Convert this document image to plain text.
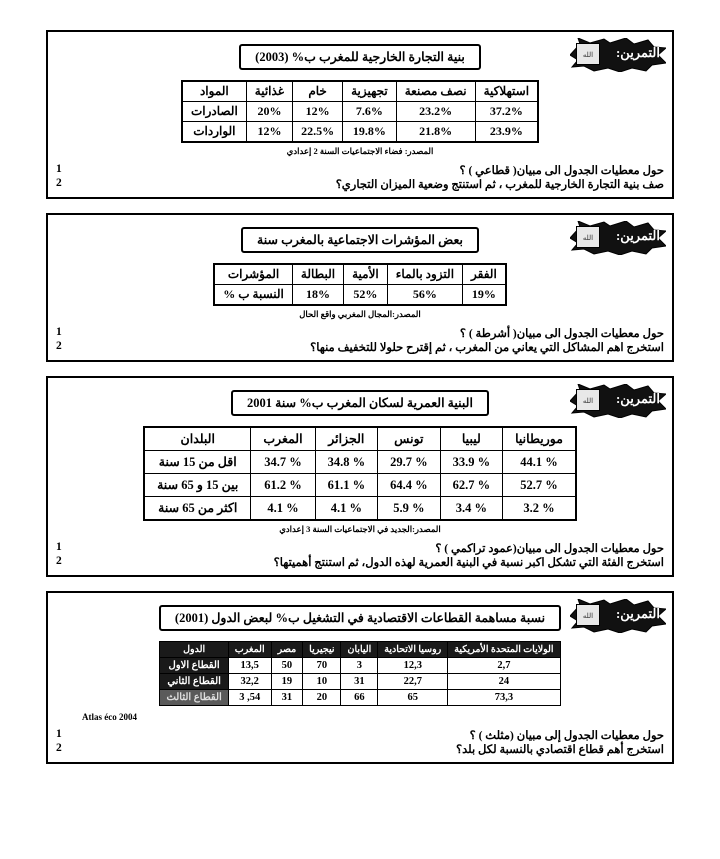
الله	التمرين:
بنية التجارة الخارجية للمغرب ب% (2003)
استهلاكية	نصف مصنعة	تجهيزية	خام	غذائية	المواد
37.2%	23.2%	7.6%	12%	20%	الصادرات
23.9%	21.8%	19.8%	22.5%	12%	الواردات
المصدر: فضاء الاجتماعيات السنة 2 إعدادي
1	حول معطيات الجدول الى مبيان( قطاعي ) ؟
2	صف بنية التجارة الخارجية للمغرب ، ثم استنتج وضعية الميزان التجاري؟
الله	التمرين:
بعض المؤشرات الاجتماعية بالمغرب سنة
الفقر	التزود بالماء	الأمية	البطالة	المؤشرات
19%	56%	52%	18%	النسبة ب %
المصدر:المجال المغربي واقع الحال
1	حول معطيات الجدول الى مبيان( أشرطة ) ؟
2	استخرج اهم المشاكل التي يعاني من المغرب ، ثم إقترح حلولا للتخفيف منها؟
الله	التمرين:
البنية العمرية لسكان المغرب ب% سنة 2001
موريطانيا	ليبيا	تونس	الجزائر	المغرب	البلدان
% 44.1	% 33.9	% 29.7	% 34.8	% 34.7	اقل من 15 سنة
% 52.7	% 62.7	% 64.4	% 61.1	% 61.2	بين 15 و 65 سنة
% 3.2	% 3.4	% 5.9	% 4.1	% 4.1	اكثر من 65 سنة
المصدر:الجديد في الاجتماعيات السنة 3 إعدادي
1	حول معطيات الجدول الى مبيان(عمود تراكمي ) ؟
2	استخرج الفئة التي تشكل اكبر نسبة في البنية العمرية لهذه الدول، ثم استنتج أهميتها؟
الله	التمرين:
نسبة مساهمة القطاعات الاقتصادية في التشغيل ب% لبعض الدول (2001)
الولايات المتحدة الأمريكية	روسيا الاتحادية	اليابان	نيجيريا	مصر	المغرب	الدول
2,7	12,3	3	70	50	13,5	القطاع الاول
24	22,7	31	10	19	32,2	القطاع الثاني
73,3	65	66	20	31	54, 3	القطاع الثالث
Atlas éco 2004
1	حول معطيات الجدول إلى مبيان (مثلث ) ؟
2	استخرج أهم قطاع اقتصادي بالنسبة لكل بلد؟
